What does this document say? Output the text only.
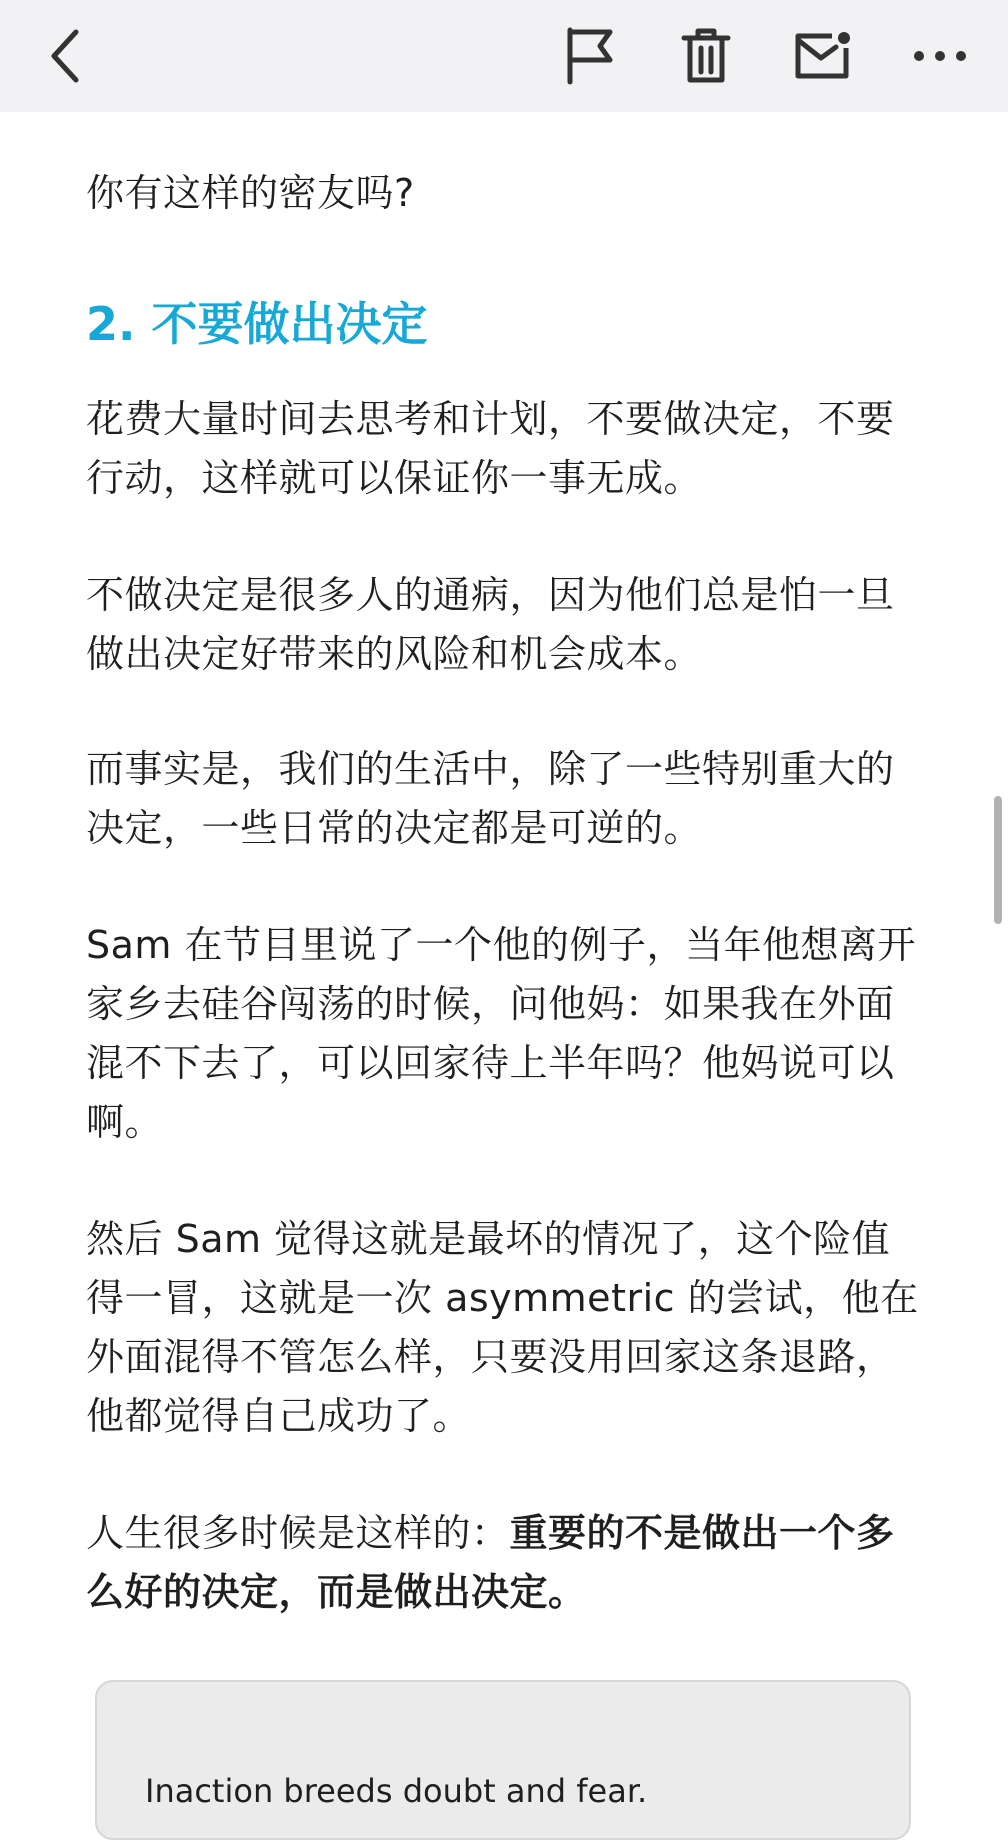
你有这样的密友吗?

2. 不要做出决定

花费大量时间去思考和计划，不要做决定，不要行动，这样就可以保证你一事无成。

不做决定是很多人的通病，因为他们总是怕一旦做出决定好带来的风险和机会成本。

而事实是，我们的生活中，除了一些特别重大的决定，一些日常的决定都是可逆的。

Sam 在节目里说了一个他的例子，当年他想离开家乡去硅谷闯荡的时候，问他妈：如果我在外面混不下去了，可以回家待上半年吗？他妈说可以啊。

然后 Sam 觉得这就是最坏的情况了，这个险值得一冒，这就是一次 asymmetric 的尝试，他在外面混得不管怎么样，只要没用回家这条退路，他都觉得自己成功了。

人生很多时候是这样的：重要的不是做出一个多么好的决定，而是做出决定。

Inaction breeds doubt and fear.
